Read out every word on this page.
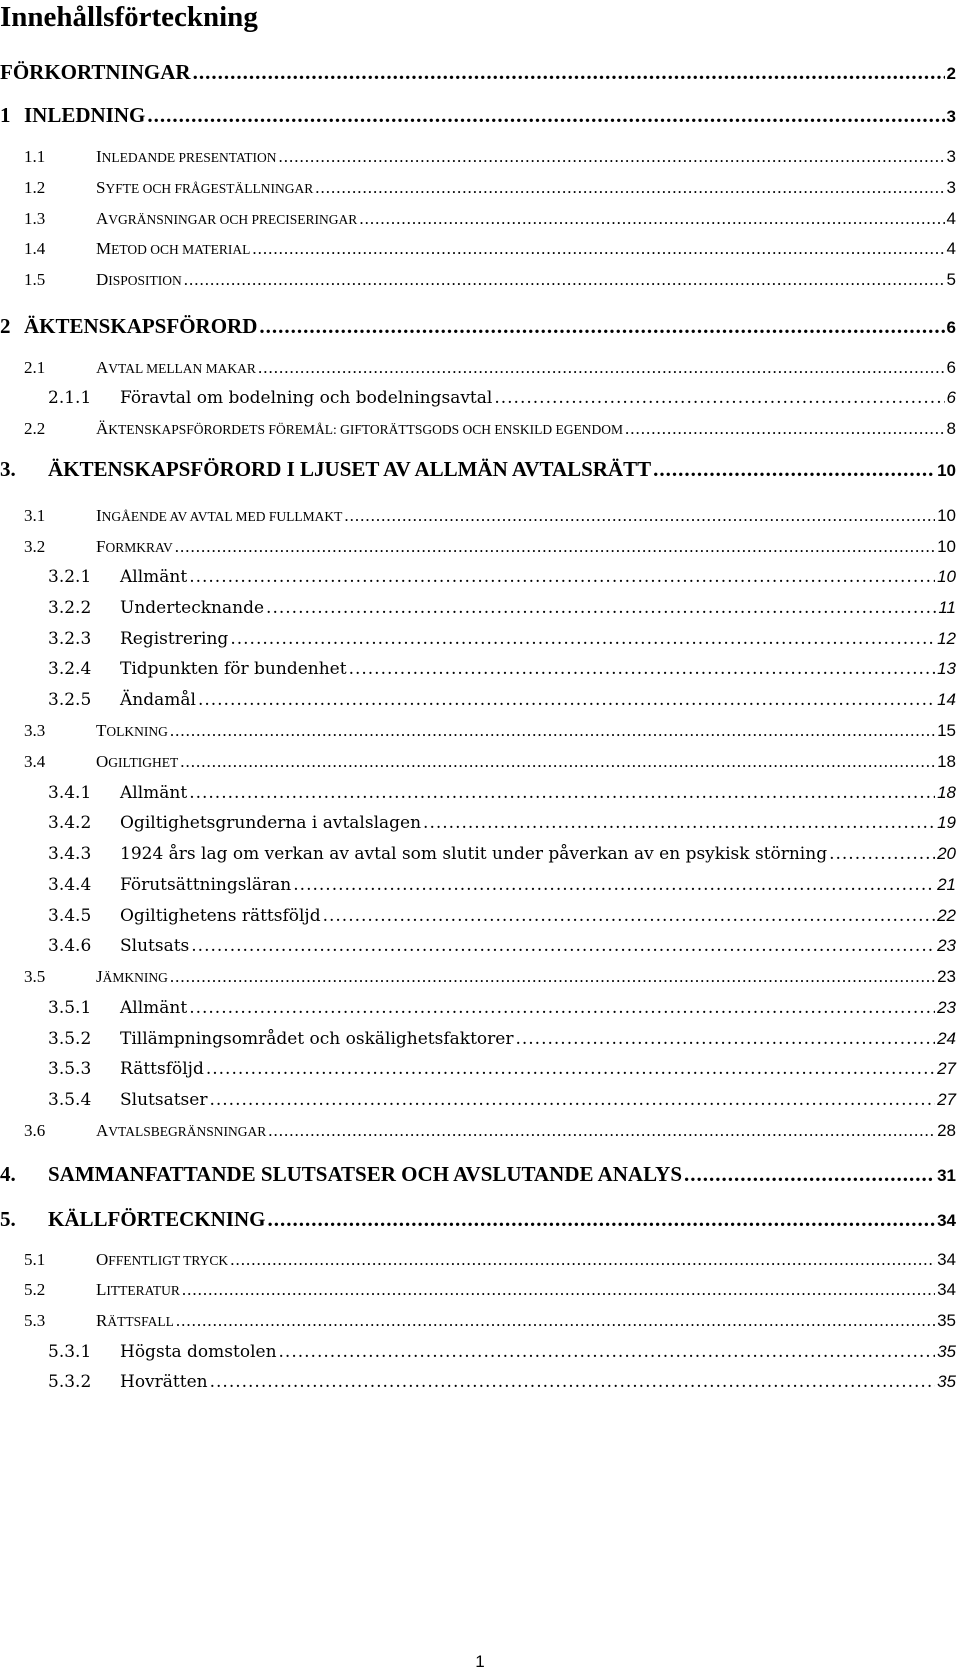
Innehållsförteckning
FÖRKORTNINGAR .....	2
1 INLEDNING .....	3
1.1	INLEDANDE PRESENTATION .....	3
1.2	SYFTE OCH FRÅGESTÄLLNINGAR .....	3
1.3	AVGRÄNSNINGAR OCH PRECISERINGAR .....	4
1.4	METOD OCH MATERIAL .....	4
1.5	DISPOSITION .....	5
2 ÄKTENSKAPSFÖRORD .....	6
2.1	AVTAL MELLAN MAKAR .....	6
2.1.1 Föravtal om bodelning och bodelningsavtal .....	6
2.2	ÄKTENSKAPSFÖRORDETS FÖREMÅL: GIFTORÄTTSGODS OCH ENSKILD EGENDOM .....	8
3. ÄKTENSKAPSFÖRORD I LJUSET AV ALLMÄN AVTALSRÄTT .....	10
3.1	INGÅENDE AV AVTAL MED FULLMAKT .....	10
3.2	FORMKRAV .....	10
3.2.1 Allmänt .....	10
3.2.2 Undertecknande .....	11
3.2.3 Registrering .....	12
3.2.4 Tidpunkten för bundenhet .....	13
3.2.5 Ändamål .....	14
3.3	TOLKNING .....	15
3.4	OGILTIGHET .....	18
3.4.1 Allmänt .....	18
3.4.2 Ogiltighetsgrunderna i avtalslagen .....	19
3.4.3 1924 års lag om verkan av avtal som slutit under påverkan av en psykisk störning .....	20
3.4.4 Förutsättningsläran .....	21
3.4.5 Ogiltighetens rättsföljd .....	22
3.4.6 Slutsats .....	23
3.5	JÄMKNING .....	23
3.5.1 Allmänt .....	23
3.5.2 Tillämpningsområdet och oskälighetsfaktorer .....	24
3.5.3 Rättsföljd .....	27
3.5.4 Slutsatser .....	27
3.6	AVTALSBEGRÄNSNINGAR .....	28
4. SAMMANFATTANDE SLUTSATSER OCH AVSLUTANDE ANALYS .....	31
5. KÄLLFÖRTECKNING .....	34
5.1	OFFENTLIGT TRYCK .....	34
5.2	LITTERATUR .....	34
5.3	RÄTTSFALL .....	35
5.3.1 Högsta domstolen .....	35
5.3.2 Hovrätten .....	35
1
